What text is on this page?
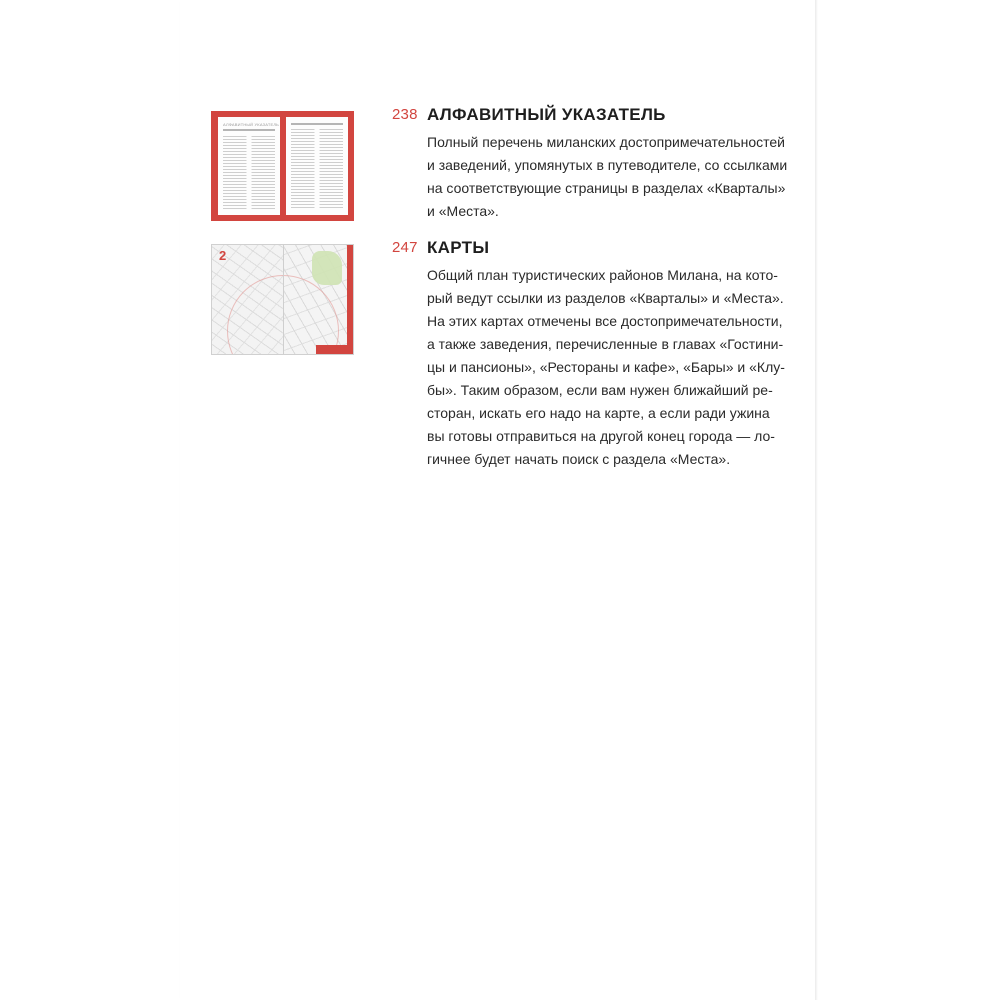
АЛФАВИТНЫЙ УКАЗАТЕЛЬ
2
238 АЛФАВИТНЫЙ УКАЗАТЕЛЬ

Полный перечень миланских достопримечательностей
и заведений, упомянутых в путеводителе, со ссылками
на соответствующие страницы в разделах «Кварталы»
и «Места».

247 КАРТЫ

Общий план туристических районов Милана, на кото-
рый ведут ссылки из разделов «Кварталы» и «Места».
На этих картах отмечены все достопримечательности,
а также заведения, перечисленные в главах «Гостини-
цы и пансионы», «Рестораны и кафе», «Бары» и «Клу-
бы». Таким образом, если вам нужен ближайший ре-
сторан, искать его надо на карте, а если ради ужина
вы готовы отправиться на другой конец города — ло-
гичнее будет начать поиск с раздела «Места».
